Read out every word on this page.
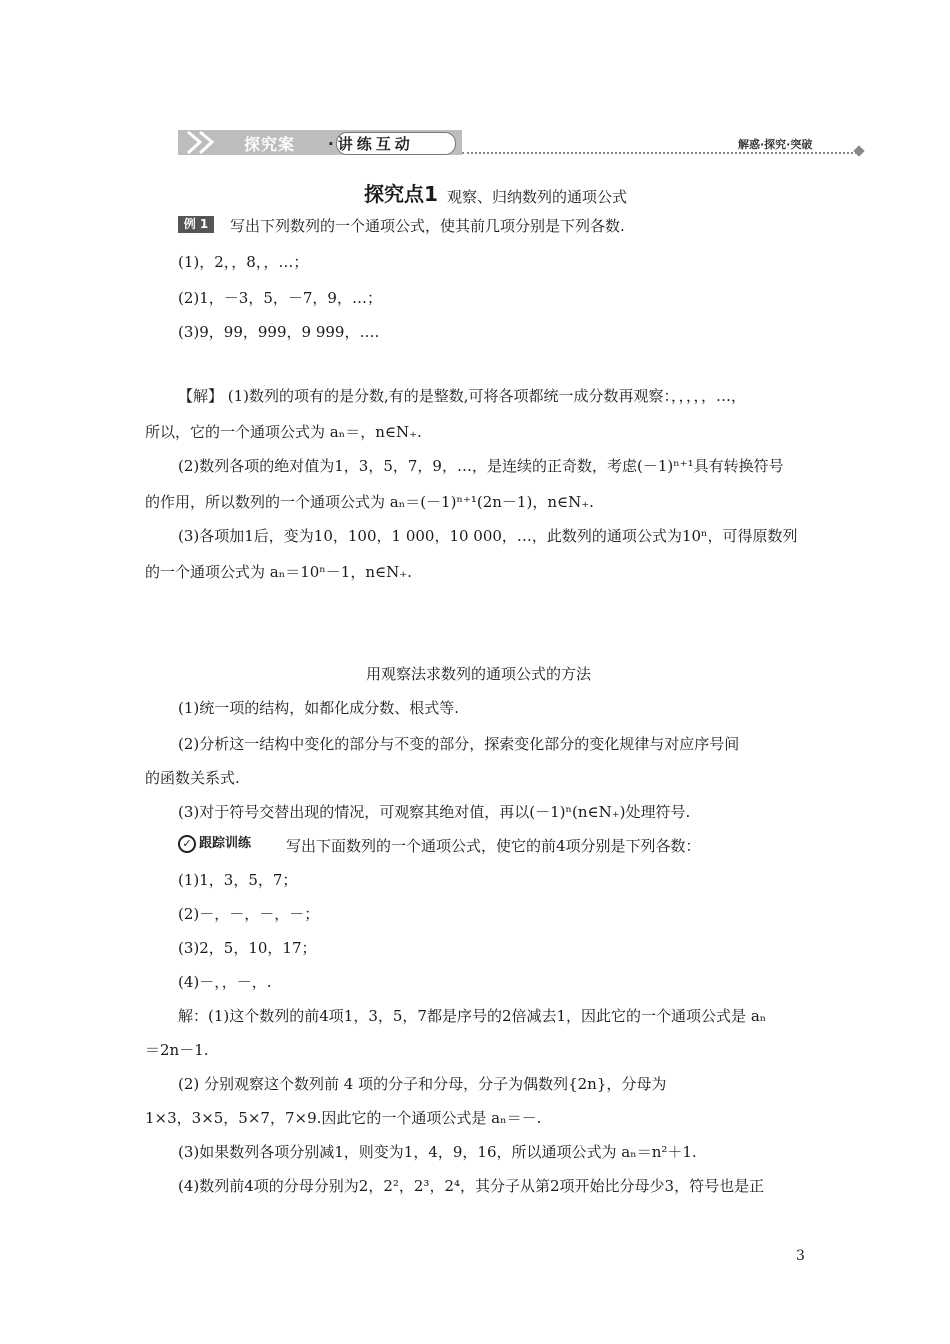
探究案 ·讲练互动	解惑·探究·突破
探究点1 观察、归纳数列的通项公式
例 1	写出下列数列的一个通项公式，使其前几项分别是下列各数.
(1)，2，，8，，…；
(2)1，－3，5，－7，9，…；
(3)9，99，999，9 999，….
【解】 (1)数列的项有的是分数,有的是整数,可将各项都统一成分数再观察：，，，，，…，
所以，它的一个通项公式为 aₙ＝，n∈N₊.
(2)数列各项的绝对值为1，3，5，7，9，…，是连续的正奇数，考虑(－1)ⁿ⁺¹具有转换符号
的作用，所以数列的一个通项公式为 aₙ＝(－1)ⁿ⁺¹(2n－1)，n∈N₊.
(3)各项加1后，变为10，100，1 000，10 000，…，此数列的通项公式为10ⁿ，可得原数列
的一个通项公式为 aₙ＝10ⁿ－1，n∈N₊.
用观察法求数列的通项公式的方法
(1)统一项的结构，如都化成分数、根式等.
(2)分析这一结构中变化的部分与不变的部分，探索变化部分的变化规律与对应序号间
的函数关系式.
(3)对于符号交替出现的情况，可观察其绝对值，再以(－1)ⁿ(n∈N₊)处理符号.
✓ 跟踪训练 写出下面数列的一个通项公式，使它的前4项分别是下列各数：
(1)1，3，5，7；
(2)－，－，－，－；
(3)2，5，10，17；
(4)－，，－，.
解：(1)这个数列的前4项1，3，5，7都是序号的2倍减去1，因此它的一个通项公式是 aₙ
＝2n－1.
(2) 分别观察这个数列前 4 项的分子和分母，分子为偶数列{2n}，分母为
1×3，3×5，5×7，7×9.因此它的一个通项公式是 aₙ＝－.
(3)如果数列各项分别减1，则变为1，4，9，16，所以通项公式为 aₙ＝n²＋1.
(4)数列前4项的分母分别为2，2²，2³，2⁴，其分子从第2项开始比分母少3，符号也是正
3
